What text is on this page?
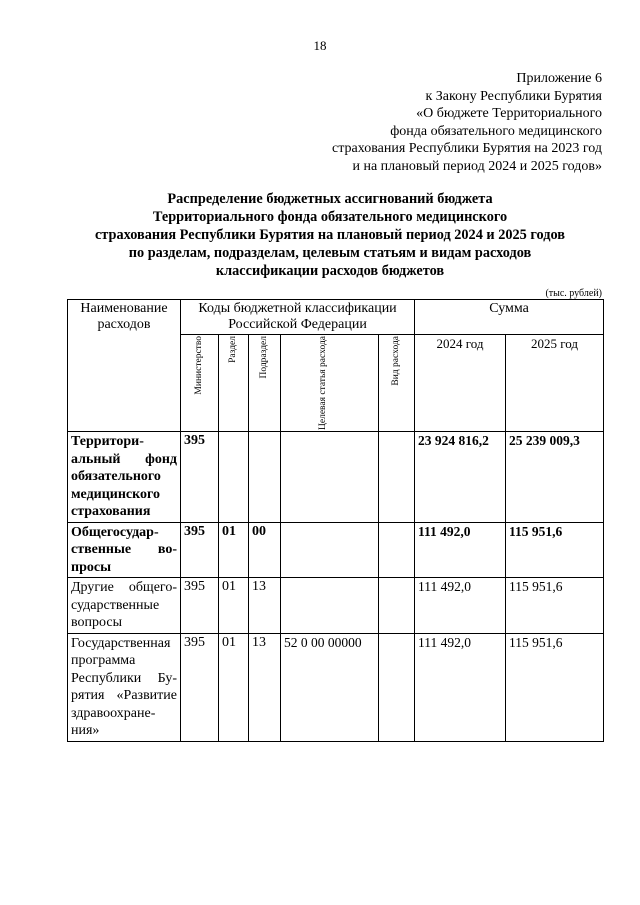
18
Приложение 6
к Закону Республики Бурятия
«О бюджете Территориального
фонда обязательного медицинского
страхования Республики Бурятия на 2023 год
и на плановый период 2024 и 2025 годов»
Распределение бюджетных ассигнований бюджета
Территориального фонда обязательного медицинского
страхования Республики Бурятия на плановый период 2024 и 2025 годов
по разделам, подразделам, целевым статьям и видам расходов
классификации расходов бюджетов
(тыс. рублей)
Наименование расходов	Коды бюджетной классификации Российской Федерации					Сумма	

	Министерство	Раздел	Подраздел	Целевая статья расхода	Вид расхода	2024 год	2025 год
Территориальный фонд обязательного медицинского страхования	395					23 924 816,2	25 239 009,3
Общегосударственные вопросы	395	01	00			111 492,0	115 951,6
Другие общегосударственные вопросы	395	01	13			111 492,0	115 951,6
Государственная программа Республики Бурятия «Развитие здравоохранения»	395	01	13	52 0 00 00000		111 492,0	115 951,6
